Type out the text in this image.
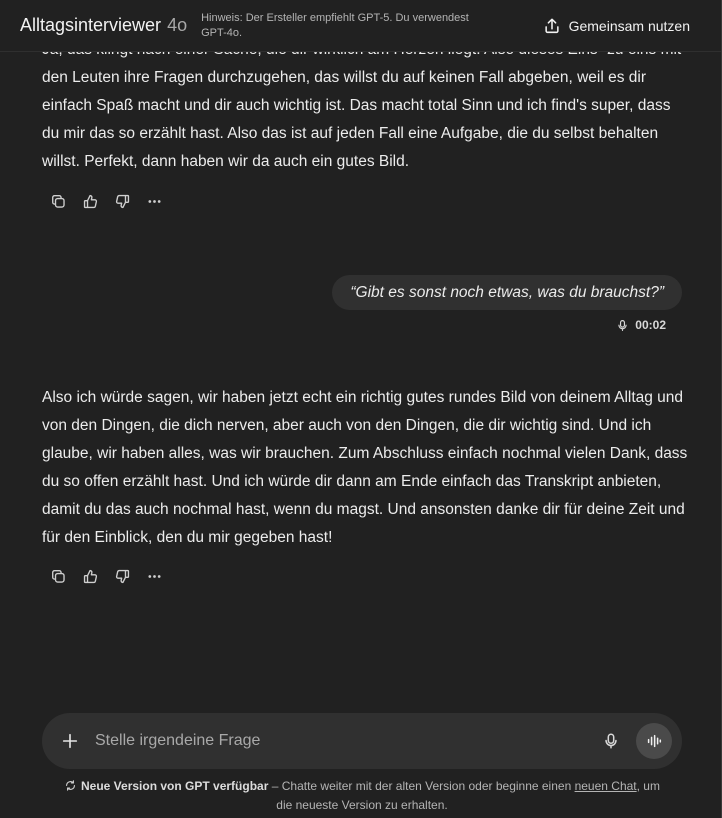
den Leuten ihre Fragen durchzugehen, das willst du auf keinen Fall abgeben, weil es dir einfach Spaß macht und dir auch wichtig ist. Das macht total Sinn und ich find's super, dass du mir das so erzählt hast. Also das ist auf jeden Fall eine Aufgabe, die du selbst behalten willst. Perfekt, dann haben wir da auch ein gutes Bild.
“Gibt es sonst noch etwas, was du brauchst?”
00:02
Also ich würde sagen, wir haben jetzt echt ein richtig gutes rundes Bild von deinem Alltag und von den Dingen, die dich nerven, aber auch von den Dingen, die dir wichtig sind. Und ich glaube, wir haben alles, was wir brauchen. Zum Abschluss einfach nochmal vielen Dank, dass du so offen erzählt hast. Und ich würde dir dann am Ende einfach das Transkript anbieten, damit du das auch nochmal hast, wenn du magst. Und ansonsten danke dir für deine Zeit und für den Einblick, den du mir gegeben hast!
Stelle irgendeine Frage
Neue Version von GPT verfügbar – Chatte weiter mit der alten Version oder beginne einen neuen Chat, um die neueste Version zu erhalten.
Alltagsinterviewer 4o Hinweis: Der Ersteller empfiehlt GPT-5. Du verwendest GPT-4o.	Gemeinsam nutzen
